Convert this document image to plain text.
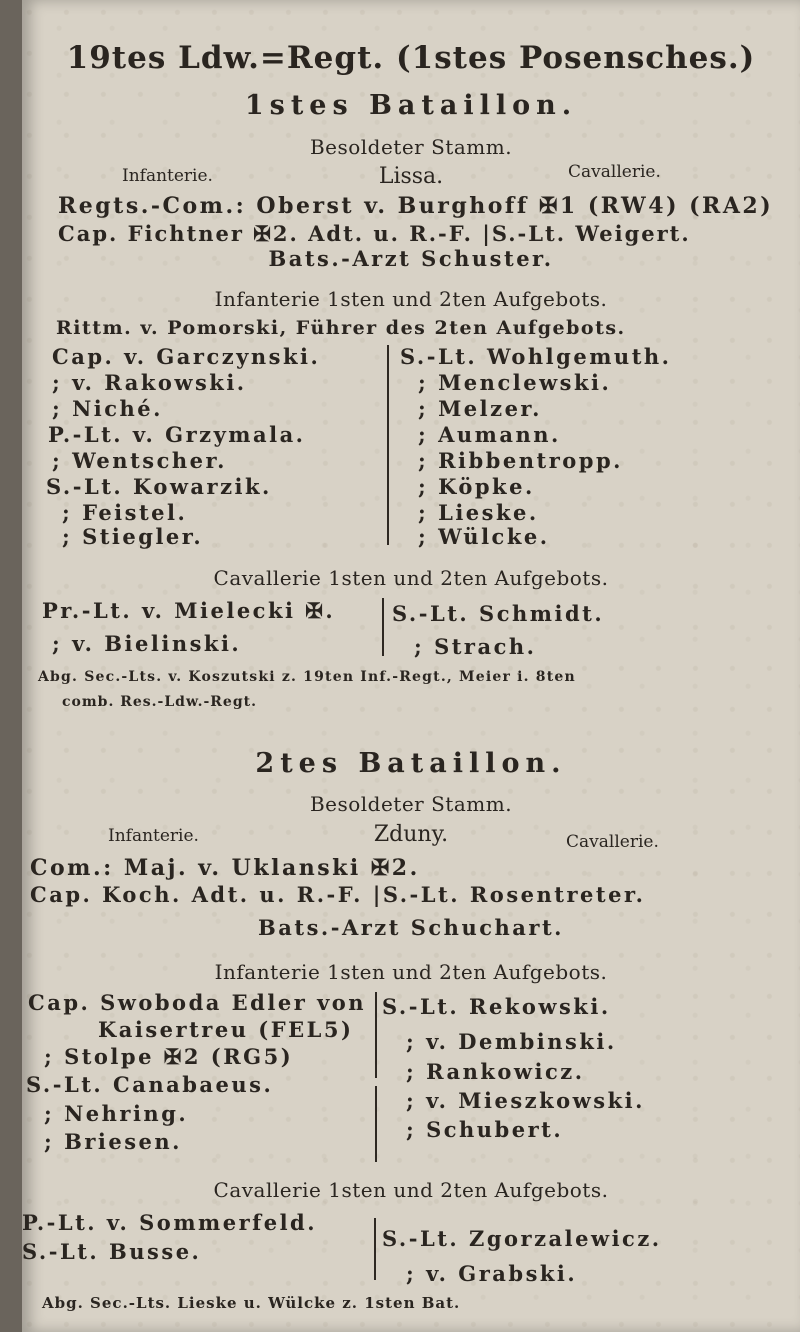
19tes Ldw.=Regt. (1stes Posensches.)
1stes Bataillon.
Besoldeter Stamm.
Infanterie.	Lissa.	Cavallerie.
Regts.-Com.: Oberst v. Burghoff ✠1 (RW4) (RA2)
Cap. Fichtner ✠2. Adt. u. R.-F. |S.-Lt. Weigert.
Bats.-Arzt Schuster.
Infanterie 1sten und 2ten Aufgebots.
Rittm. v. Pomorski, Führer des 2ten Aufgebots.
Cap. v. Garczynski.
; v. Rakowski.
; Niché.
P.-Lt. v. Grzymala.
; Wentscher.
S.-Lt. Kowarzik.
; Feistel.
; Stiegler.
S.-Lt. Wohlgemuth.
; Menclewski.
; Melzer.
; Aumann.
; Ribbentropp.
; Köpke.
; Lieske.
; Wülcke.
Cavallerie 1sten und 2ten Aufgebots.
Pr.-Lt. v. Mielecki ✠.
; v. Bielinski.
S.-Lt. Schmidt.
; Strach.
Abg. Sec.-Lts. v. Koszutski z. 19ten Inf.-Regt., Meier i. 8ten
comb. Res.-Ldw.-Regt.
2tes Bataillon.
Besoldeter Stamm.
Infanterie.	Zduny.	Cavallerie.
Com.: Maj. v. Uklanski ✠2.
Cap. Koch. Adt. u. R.-F. |S.-Lt. Rosentreter.
Bats.-Arzt Schuchart.
Infanterie 1sten und 2ten Aufgebots.
Cap. Swoboda Edler von
Kaisertreu (FEL5)
; Stolpe ✠2 (RG5)
S.-Lt. Canabaeus.
; Nehring.
; Briesen.
S.-Lt. Rekowski.
; v. Dembinski.
; Rankowicz.
; v. Mieszkowski.
; Schubert.
Cavallerie 1sten und 2ten Aufgebots.
P.-Lt. v. Sommerfeld.
S.-Lt. Busse.
S.-Lt. Zgorzalewicz.
; v. Grabski.
Abg. Sec.-Lts. Lieske u. Wülcke z. 1sten Bat.
